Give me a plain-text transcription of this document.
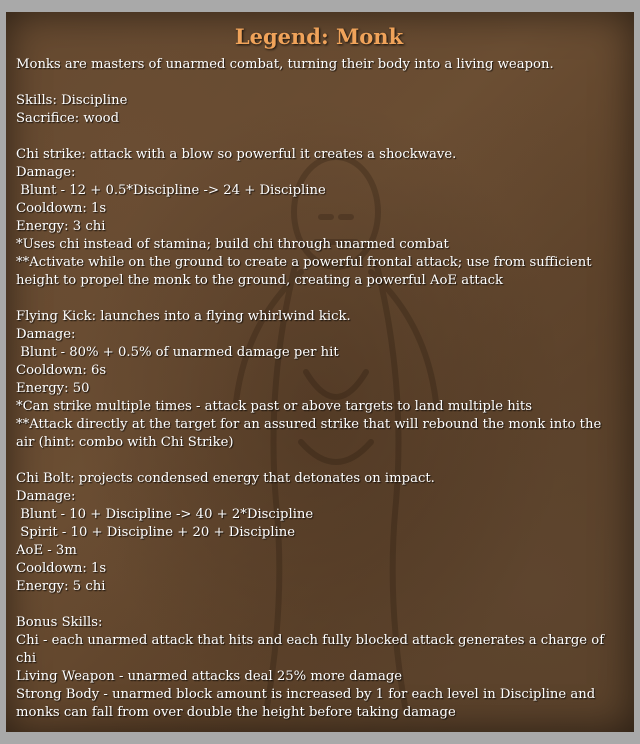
Legend: Monk

Monks are masters of unarmed combat, turning their body into a living weapon.

Skills: Discipline

Sacrifice: wood

Chi strike: attack with a blow so powerful it creates a shockwave.

Damage:

Blunt - 12 + 0.5*Discipline -> 24 + Discipline

Cooldown: 1s

Energy: 3 chi

*Uses chi instead of stamina; build chi through unarmed combat

**Activate while on the ground to create a powerful frontal attack; use from sufficient height to propel the monk to the ground, creating a powerful AoE attack

Flying Kick: launches into a flying whirlwind kick.

Damage:

Blunt - 80% + 0.5% of unarmed damage per hit

Cooldown: 6s

Energy: 50

*Can strike multiple times - attack past or above targets to land multiple hits

**Attack directly at the target for an assured strike that will rebound the monk into the air (hint: combo with Chi Strike)

Chi Bolt: projects condensed energy that detonates on impact.

Damage:

Blunt - 10 + Discipline -> 40 + 2*Discipline

Spirit - 10 + Discipline + 20 + Discipline

AoE - 3m

Cooldown: 1s

Energy: 5 chi

Bonus Skills:

Chi - each unarmed attack that hits and each fully blocked attack generates a charge of chi

Living Weapon - unarmed attacks deal 25% more damage

Strong Body - unarmed block amount is increased by 1 for each level in Discipline and monks can fall from over double the height before taking damage
